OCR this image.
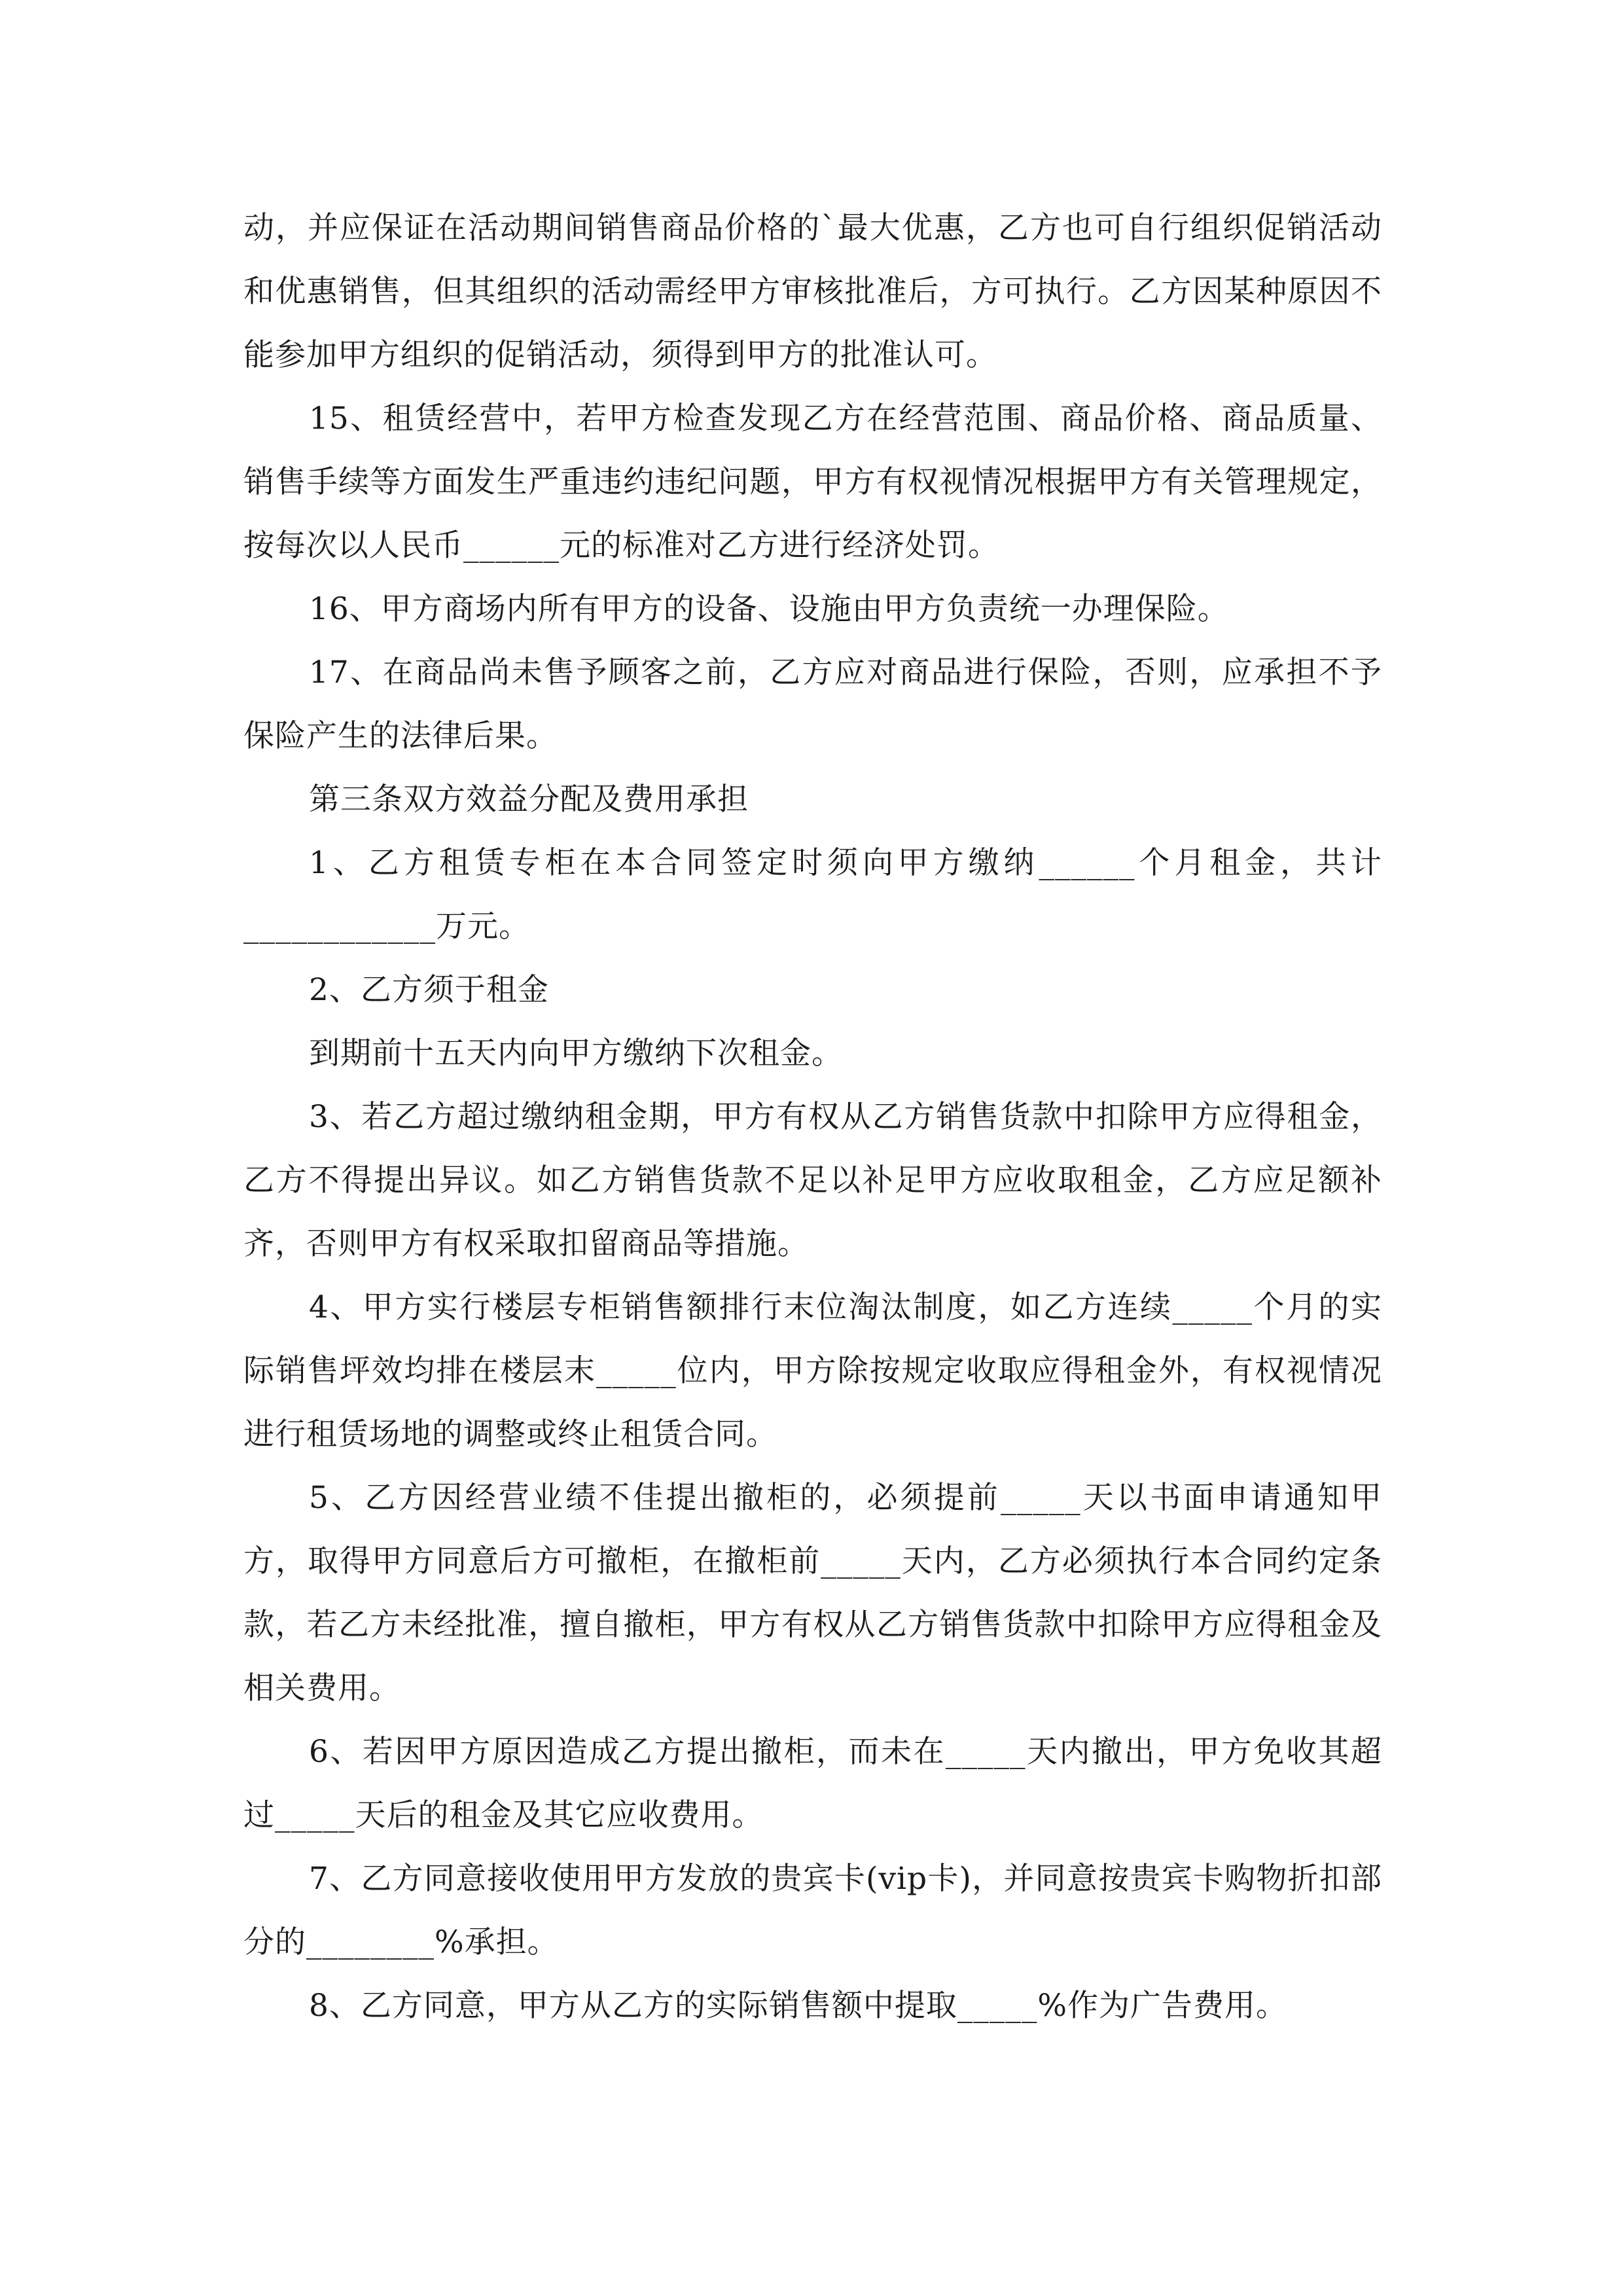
动，并应保证在活动期间销售商品价格的`最大优惠，乙方也可自行组织促销活动和优惠销售，但其组织的活动需经甲方审核批准后，方可执行。乙方因某种原因不能参加甲方组织的促销活动，须得到甲方的批准认可。

15、租赁经营中，若甲方检查发现乙方在经营范围、商品价格、商品质量、销售手续等方面发生严重违约违纪问题，甲方有权视情况根据甲方有关管理规定，按每次以人民币______元的标准对乙方进行经济处罚。

16、甲方商场内所有甲方的设备、设施由甲方负责统一办理保险。

17、在商品尚未售予顾客之前，乙方应对商品进行保险，否则，应承担不予保险产生的法律后果。

第三条双方效益分配及费用承担

1、乙方租赁专柜在本合同签定时须向甲方缴纳______个月租金，共计____________万元。

2、乙方须于租金

到期前十五天内向甲方缴纳下次租金。

3、若乙方超过缴纳租金期，甲方有权从乙方销售货款中扣除甲方应得租金，乙方不得提出异议。如乙方销售货款不足以补足甲方应收取租金，乙方应足额补齐，否则甲方有权采取扣留商品等措施。

4、甲方实行楼层专柜销售额排行末位淘汰制度，如乙方连续_____个月的实际销售坪效均排在楼层末_____位内，甲方除按规定收取应得租金外，有权视情况进行租赁场地的调整或终止租赁合同。

5、乙方因经营业绩不佳提出撤柜的，必须提前_____天以书面申请通知甲方，取得甲方同意后方可撤柜，在撤柜前_____天内，乙方必须执行本合同约定条款，若乙方未经批准，擅自撤柜，甲方有权从乙方销售货款中扣除甲方应得租金及相关费用。

6、若因甲方原因造成乙方提出撤柜，而未在_____天内撤出，甲方免收其超过_____天后的租金及其它应收费用。

7、乙方同意接收使用甲方发放的贵宾卡(vip卡)，并同意按贵宾卡购物折扣部分的________%承担。

8、乙方同意，甲方从乙方的实际销售额中提取_____%作为广告费用。
